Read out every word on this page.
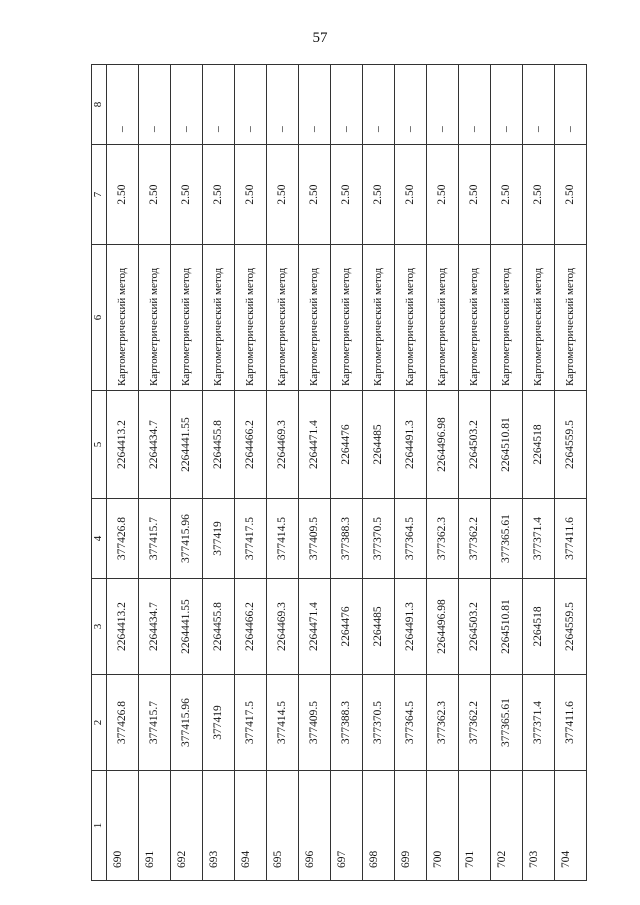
57
1	2	3	4	5	6	7	8
690	377426.8	2264413.2	377426.8	2264413.2	Картометрический метод	2.50	–
691	377415.7	2264434.7	377415.7	2264434.7	Картометрический метод	2.50	–
692	377415.96	2264441.55	377415.96	2264441.55	Картометрический метод	2.50	–
693	377419	2264455.8	377419	2264455.8	Картометрический метод	2.50	–
694	377417.5	2264466.2	377417.5	2264466.2	Картометрический метод	2.50	–
695	377414.5	2264469.3	377414.5	2264469.3	Картометрический метод	2.50	–
696	377409.5	2264471.4	377409.5	2264471.4	Картометрический метод	2.50	–
697	377388.3	2264476	377388.3	2264476	Картометрический метод	2.50	–
698	377370.5	2264485	377370.5	2264485	Картометрический метод	2.50	–
699	377364.5	2264491.3	377364.5	2264491.3	Картометрический метод	2.50	–
700	377362.3	2264496.98	377362.3	2264496.98	Картометрический метод	2.50	–
701	377362.2	2264503.2	377362.2	2264503.2	Картометрический метод	2.50	–
702	377365.61	2264510.81	377365.61	2264510.81	Картометрический метод	2.50	–
703	377371.4	2264518	377371.4	2264518	Картометрический метод	2.50	–
704	377411.6	2264559.5	377411.6	2264559.5	Картометрический метод	2.50	–
